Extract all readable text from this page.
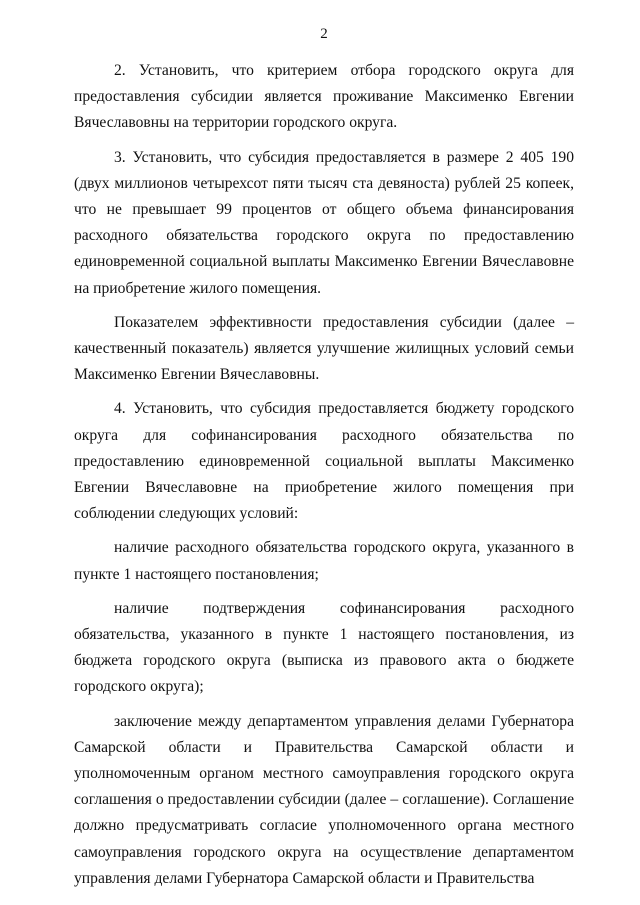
2

2. Установить, что критерием отбора городского округа для предоставления субсидии является проживание Максименко Евгении Вячеславовны на территории городского округа.

3. Установить, что субсидия предоставляется в размере 2 405 190 (двух миллионов четырехсот пяти тысяч ста девяноста) рублей 25 копеек, что не превышает 99 процентов от общего объема финансирования расходного обязательства городского округа по предоставлению единовременной социальной выплаты Максименко Евгении Вячеславовне на приобретение жилого помещения.

Показателем эффективности предоставления субсидии (далее – качественный показатель) является улучшение жилищных условий семьи Максименко Евгении Вячеславовны.

4. Установить, что субсидия предоставляется бюджету городского округа для софинансирования расходного обязательства по предоставлению единовременной социальной выплаты Максименко Евгении Вячеславовне на приобретение жилого помещения при соблюдении следующих условий:

наличие расходного обязательства городского округа, указанного в пункте 1 настоящего постановления;

наличие подтверждения софинансирования расходного обязательства, указанного в пункте 1 настоящего постановления, из бюджета городского округа (выписка из правового акта о бюджете городского округа);

заключение между департаментом управления делами Губернатора Самарской области и Правительства Самарской области и уполномоченным органом местного самоуправления городского округа соглашения о предоставлении субсидии (далее – соглашение). Соглашение должно предусматривать согласие уполномоченного органа местного самоуправления городского округа на осуществление департаментом управления делами Губернатора Самарской области и Правительства
